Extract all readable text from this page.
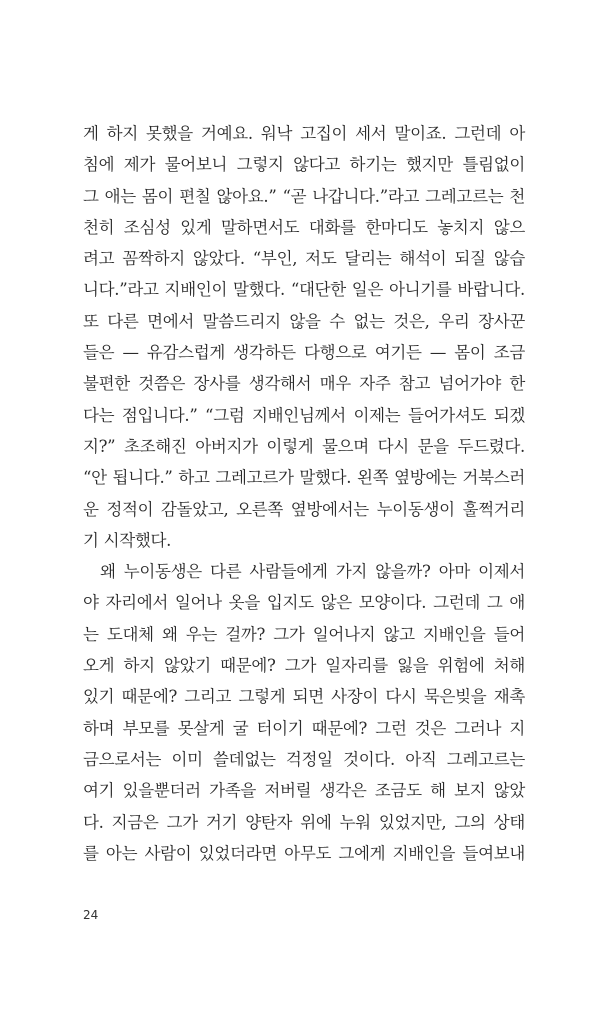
게 하지 못했을 거예요. 워낙 고집이 세서 말이죠. 그런데 아
침에 제가 물어보니 그렇지 않다고 하기는 했지만 틀림없이
그 애는 몸이 편칠 않아요.” “곧 나갑니다.”라고 그레고르는 천
천히 조심성 있게 말하면서도 대화를 한마디도 놓치지 않으
려고 꼼짝하지 않았다. “부인, 저도 달리는 해석이 되질 않습
니다.”라고 지배인이 말했다. “대단한 일은 아니기를 바랍니다.
또 다른 면에서 말씀드리지 않을 수 없는 것은, 우리 장사꾼
들은 — 유감스럽게 생각하든 다행으로 여기든 — 몸이 조금
불편한 것쯤은 장사를 생각해서 매우 자주 참고 넘어가야 한
다는 점입니다.” “그럼 지배인님께서 이제는 들어가셔도 되겠
지?” 초조해진 아버지가 이렇게 물으며 다시 문을 두드렸다.
“안 됩니다.” 하고 그레고르가 말했다. 왼쪽 옆방에는 거북스러
운 정적이 감돌았고, 오른쪽 옆방에서는 누이동생이 훌쩍거리
기 시작했다.
왜 누이동생은 다른 사람들에게 가지 않을까? 아마 이제서
야 자리에서 일어나 옷을 입지도 않은 모양이다. 그런데 그 애
는 도대체 왜 우는 걸까? 그가 일어나지 않고 지배인을 들어
오게 하지 않았기 때문에? 그가 일자리를 잃을 위험에 처해
있기 때문에? 그리고 그렇게 되면 사장이 다시 묵은빚을 재촉
하며 부모를 못살게 굴 터이기 때문에? 그런 것은 그러나 지
금으로서는 이미 쓸데없는 걱정일 것이다. 아직 그레고르는
여기 있을뿐더러 가족을 저버릴 생각은 조금도 해 보지 않았
다. 지금은 그가 거기 양탄자 위에 누워 있었지만, 그의 상태
를 아는 사람이 있었더라면 아무도 그에게 지배인을 들여보내
24
